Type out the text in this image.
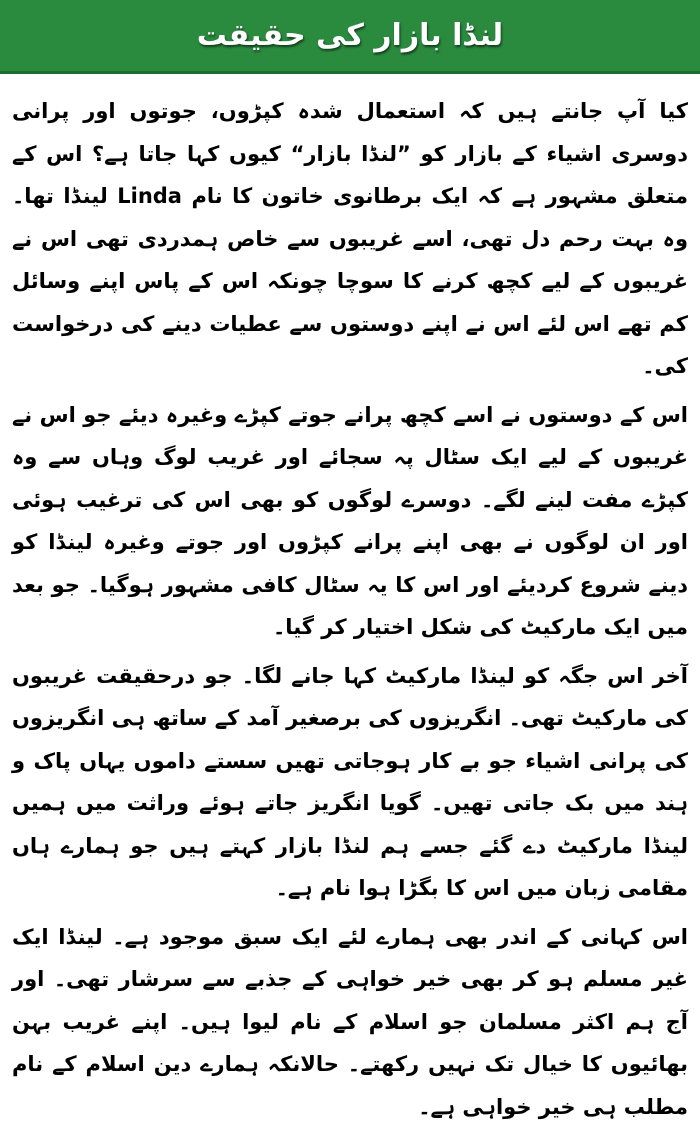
لنڈا بازار کی حقیقت

کیا آپ جانتے ہیں کہ استعمال شدہ کپڑوں، جوتوں اور پرانی دوسری اشیاء کے بازار کو ”لنڈا بازار“ کیوں کہا جاتا ہے؟ اس کے متعلق مشہور ہے کہ ایک برطانوی خاتون کا نام Linda لینڈا تھا۔ وہ بہت رحم دل تھی، اسے غریبوں سے خاص ہمدردی تھی اس نے غریبوں کے لیے کچھ کرنے کا سوچا چونکہ اس کے پاس اپنے وسائل کم تھے اس لئے اس نے اپنے دوستوں سے عطیات دینے کی درخواست کی۔

اس کے دوستوں نے اسے کچھ پرانے جوتے کپڑے وغیرہ دیئے جو اس نے غریبوں کے لیے ایک سٹال پہ سجائے اور غریب لوگ وہاں سے وہ کپڑے مفت لینے لگے۔ دوسرے لوگوں کو بھی اس کی ترغیب ہوئی اور ان لوگوں نے بھی اپنے پرانے کپڑوں اور جوتے وغیرہ لینڈا کو دینے شروع کردیئے اور اس کا یہ سٹال کافی مشہور ہوگیا۔ جو بعد میں ایک مارکیٹ کی شکل اختیار کر گیا۔

آخر اس جگہ کو لینڈا مارکیٹ کہا جانے لگا۔ جو درحقیقت غریبوں کی مارکیٹ تھی۔ انگریزوں کی برصغیر آمد کے ساتھ ہی انگریزوں کی پرانی اشیاء جو بے کار ہوجاتی تھیں سستے داموں یہاں پاک و ہند میں بک جاتی تھیں۔ گویا انگریز جاتے ہوئے وراثت میں ہمیں لینڈا مارکیٹ دے گئے جسے ہم لنڈا بازار کہتے ہیں جو ہمارے ہاں مقامی زبان میں اس کا بگڑا ہوا نام ہے۔

اس کہانی کے اندر بھی ہمارے لئے ایک سبق موجود ہے۔ لینڈا ایک غیر مسلم ہو کر بھی خیر خواہی کے جذبے سے سرشار تھی۔ اور آج ہم اکثر مسلمان جو اسلام کے نام لیوا ہیں۔ اپنے غریب بہن بھائیوں کا خیال تک نہیں رکھتے۔ حالانکہ ہمارے دین اسلام کے نام مطلب ہی خیر خواہی ہے۔
